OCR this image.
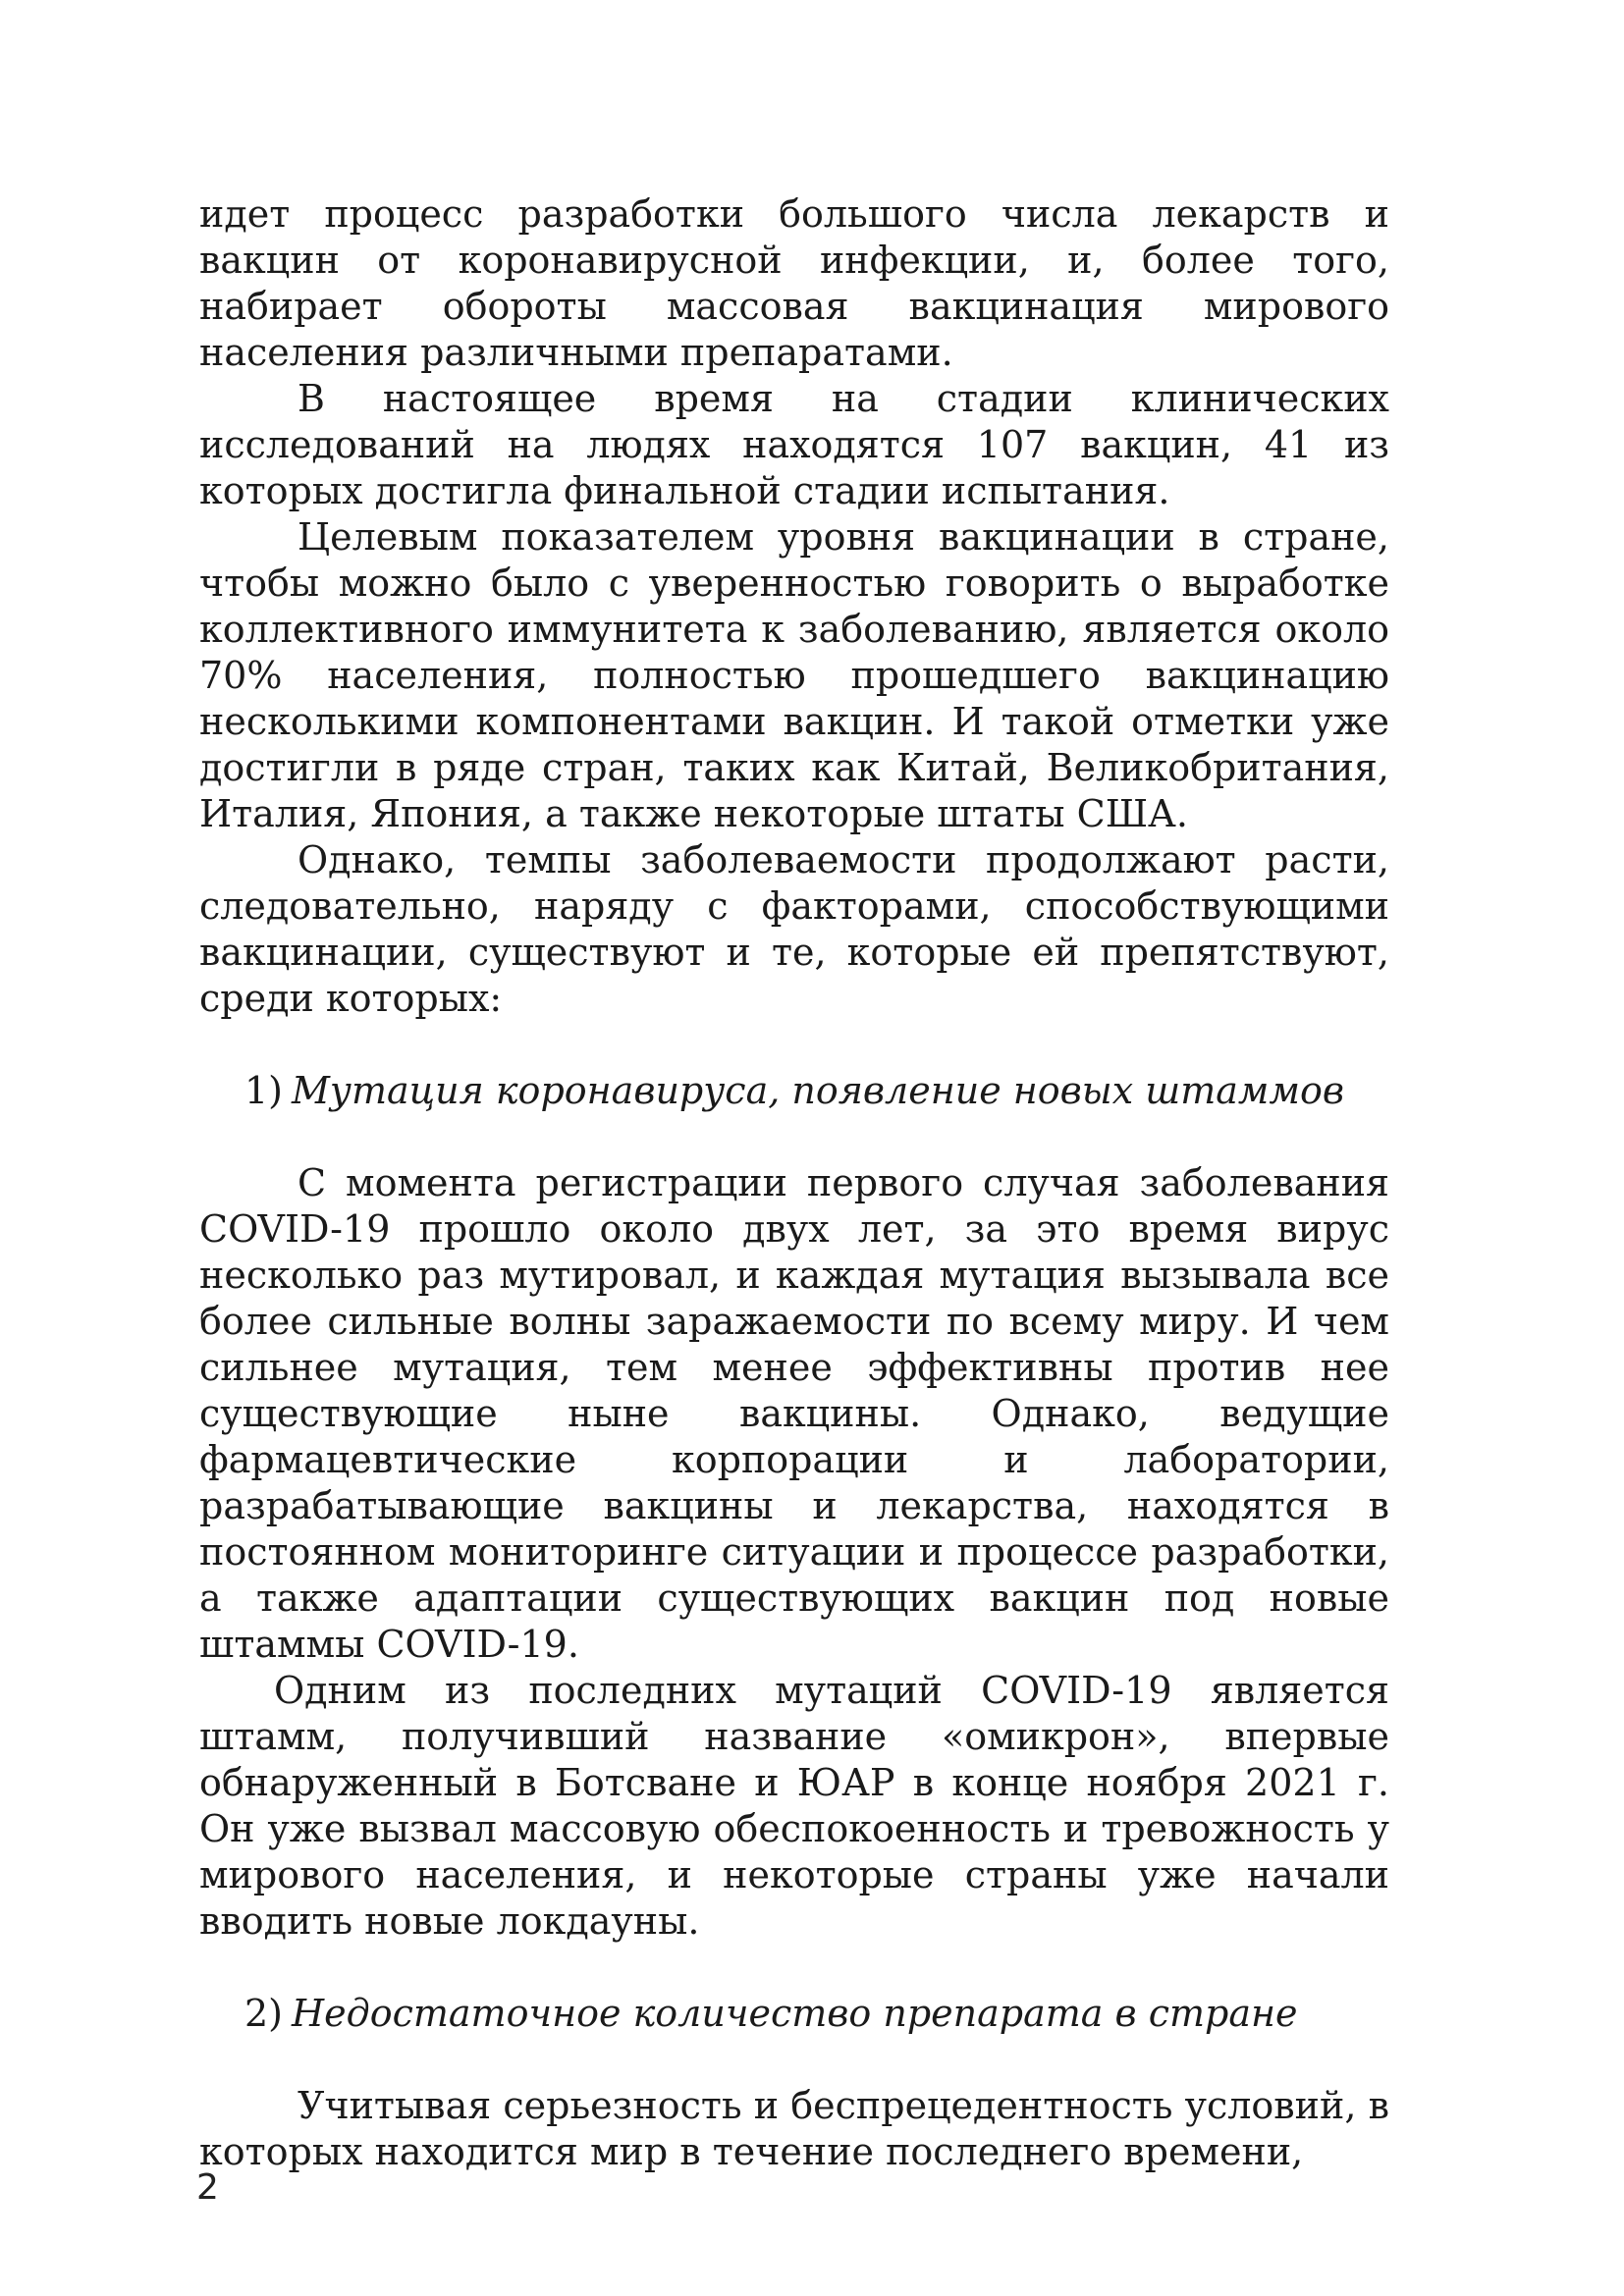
идет процесс разработки большого числа лекарств и вакцин от коронавирусной инфекции, и, более того, набирает обороты массовая вакцинация мирового населения различными препаратами.

В настоящее время на стадии клинических исследований на людях находятся 107 вакцин, 41 из которых достигла финальной стадии испытания.

Целевым показателем уровня вакцинации в стране, чтобы можно было с уверенностью говорить о выработке коллективного иммунитета к заболеванию, является около 70% населения, полностью прошедшего вакцинацию несколькими компонентами вакцин. И такой отметки уже достигли в ряде стран, таких как Китай, Великобритания, Италия, Япония, а также некоторые штаты США.

Однако, темпы заболеваемости продолжают расти, следовательно, наряду с факторами, способствующими вакцинации, существуют и те, которые ей препятствуют, среди которых:

1) Мутация коронавируса, появление новых штаммов

С момента регистрации первого случая заболевания COVID-19 прошло около двух лет, за это время вирус несколько раз мутировал, и каждая мутация вызывала все более сильные волны заражаемости по всему миру. И чем сильнее мутация, тем менее эффективны против нее существующие ныне вакцины. Однако, ведущие фармацевтические корпорации и лаборатории, разрабатывающие вакцины и лекарства, находятся в постоянном мониторинге ситуации и процессе разработки, а также адаптации существующих вакцин под новые штаммы COVID-19.

Одним из последних мутаций COVID-19 является штамм, получивший название «омикрон», впервые обнаруженный в Ботсване и ЮАР в конце ноября 2021 г. Он уже вызвал массовую обеспокоенность и тревожность у мирового населения, и некоторые страны уже начали вводить новые локдауны.

2) Недостаточное количество препарата в стране

Учитывая серьезность и беспрецедентность условий, в которых находится мир в течение последнего времени,

2
